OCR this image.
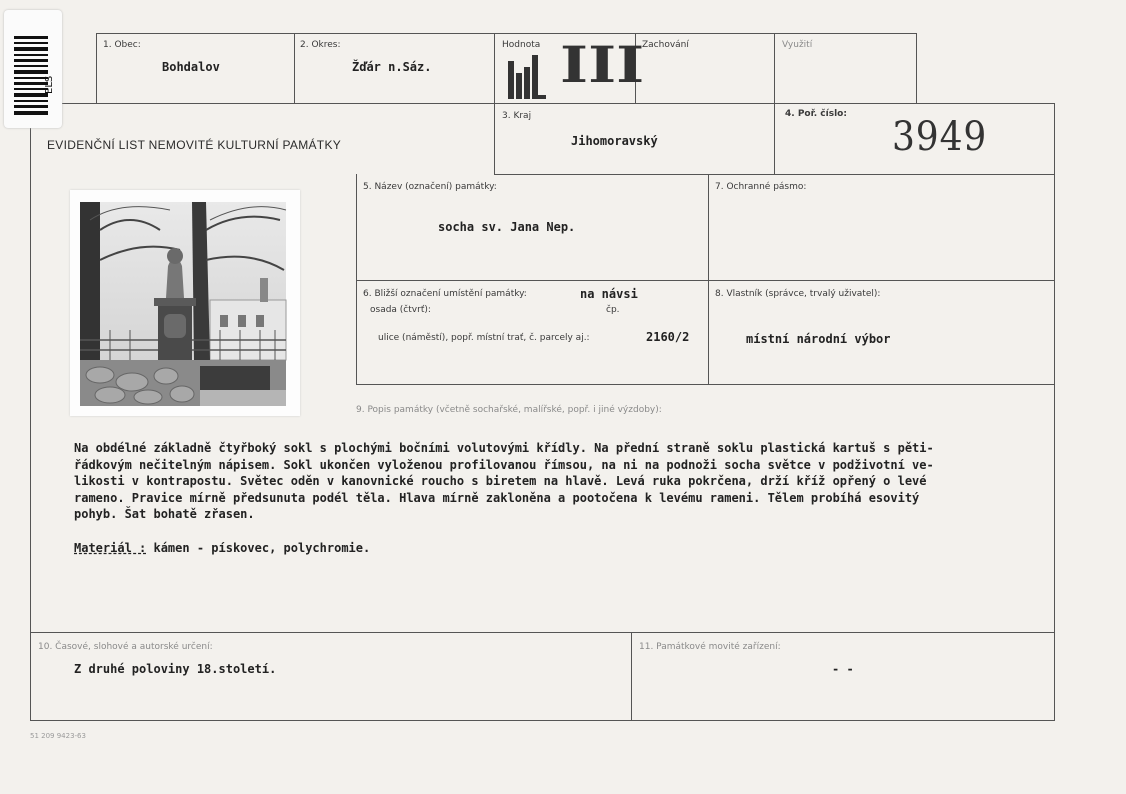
ELS
1. Obec:
Bohdalov
2. Okres:
Žďár n.Sáz.
Hodnota III
Zachování	Využití
EVIDENČNÍ LIST NEMOVITÉ KULTURNÍ PAMÁTKY
3. Kraj
Jihomoravský
4. Poř. číslo: 3949
5. Název (označení) památky:
socha sv. Jana Nep.
7. Ochranné pásmo:
6. Bližší označení umístění památky:	na návsi
osada (čtvrť):	čp.
ulice (náměstí), popř. místní trať, č. parcely aj.:	2160/2
8. Vlastník (správce, trvalý uživatel):
místní národní výbor
9. Popis památky (včetně sochařské, malířské, popř. i jiné výzdoby):

Na obdélné základně čtyřboký sokl s plochými bočními volutovými křídly. Na přední straně soklu plastická kartuš s pěti-

řádkovým nečitelným nápisem. Sokl ukončen vyloženou profilovanou římsou, na ni na podnoži socha světce v podživotní ve-

likosti v kontrapostu. Světec oděn v kanovnické roucho s biretem na hlavě. Levá ruka pokrčena, drží kříž opřený o levé

rameno. Pravice mírně předsunuta podél těla. Hlava mírně zakloněna a pootočena k levému rameni. Tělem probíhá esovitý

pohyb. Šat bohatě zřasen.

Materiál : kámen - pískovec, polychromie.
10. Časové, slohové a autorské určení:
Z druhé poloviny 18.století.
11. Památkové movité zařízení:
- -
51 209 9423-63
